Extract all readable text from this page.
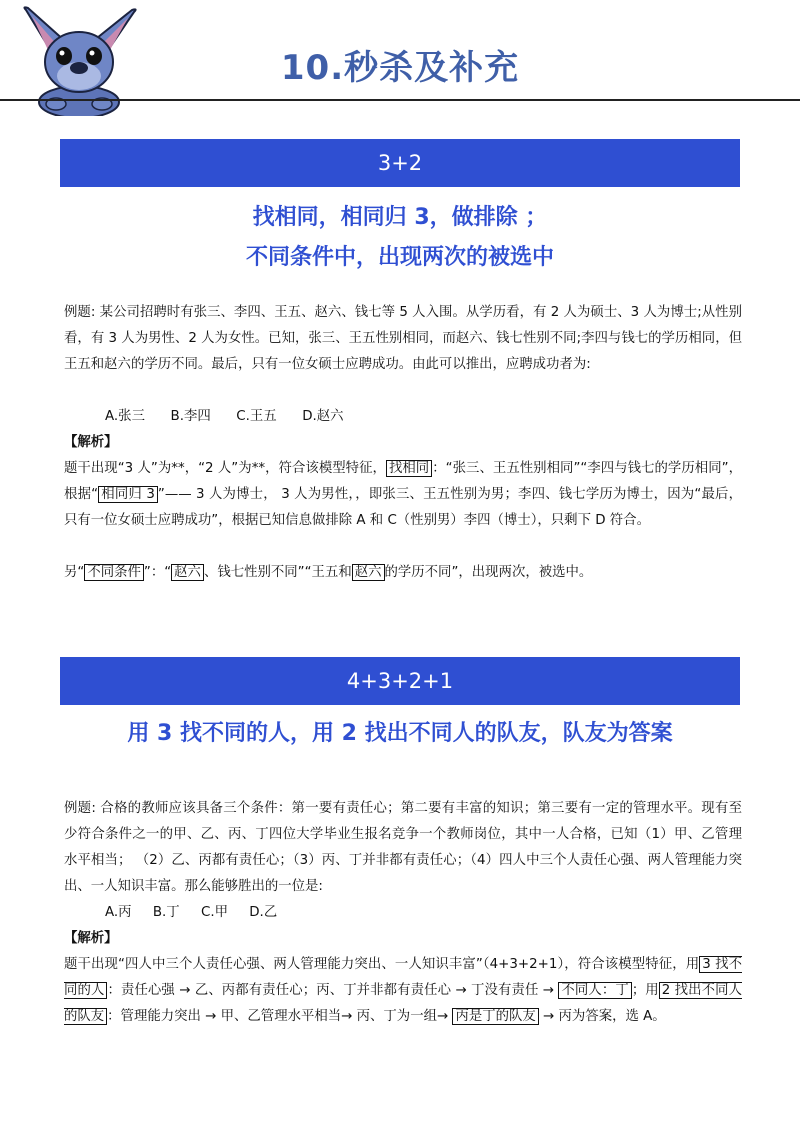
10.秒杀及补充
3+2
找相同，相同归 3，做排除 ；
不同条件中，出现两次的被选中

例题: 某公司招聘时有张三、李四、王五、赵六、钱七等 5 人入围。从学历看，有 2 人为硕士、3 人为博士;从性别看，有 3 人为男性、2 人为女性。已知，张三、王五性别相同，而赵六、钱七性别不同;李四与钱七的学历相同，但王五和赵六的学历不同。最后，只有一位女硕士应聘成功。由此可以推出，应聘成功者为:

A.张三      B.李四      C.王五      D.赵六
【解析】

题干出现“3 人”为**，“2 人”为**，符合该模型特征， 找相同 ：“张三、王五性别相同”“李四与钱七的学历相同”，根据“ 相同归 3 ”—— 3 人为博士， 3 人为男性，，即张三、王五性别为男；李四、钱七学历为博士，因为“最后，只有一位女硕士应聘成功”，根据已知信息做排除 A 和 C（性别男）李四（博士），只剩下 D 符合。

另“ 不同条件 ”：“ 赵六 、钱七性别不同”“王五和 赵六 的学历不同”，出现两次，被选中。

4+3+2+1
用 3 找不同的人，用 2 找出不同人的队友，队友为答案

例题: 合格的教师应该具备三个条件：第一要有责任心；第二要有丰富的知识；第三要有一定的管理水平。现有至少符合条件之一的甲、乙、丙、丁四位大学毕业生报名竞争一个教师岗位，其中一人合格，已知（1）甲、乙管理水平相当； （2）乙、丙都有责任心；（3）丙、丁并非都有责任心；（4）四人中三个人责任心强、两人管理能力突出、一人知识丰富。那么能够胜出的一位是:

A.丙     B.丁     C.甲     D.乙
【解析】

题干出现“四人中三个人责任心强、两人管理能力突出、一人知识丰富”（4+3+2+1），符合该模型特征，用 3 找不同的人 ：责任心强 → 乙、丙都有责任心；丙、丁并非都有责任心 → 丁没有责任 → 不同人：丁 ；用 2 找出不同人的队友 ：管理能力突出 → 甲、乙管理水平相当→ 丙、丁为一组→ 丙是丁的队友 → 丙为答案，选 A。
